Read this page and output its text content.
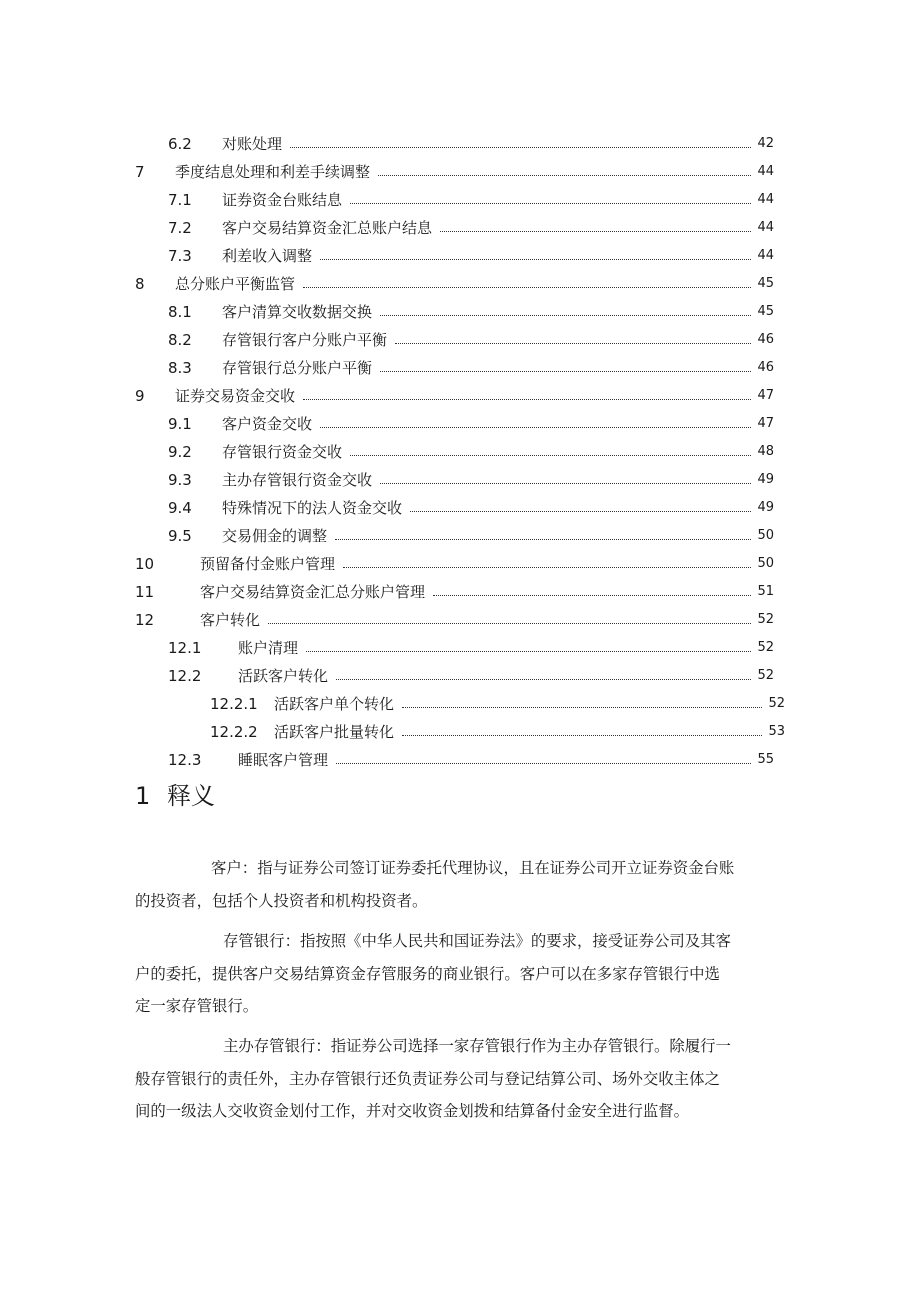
6.2	对账处理	42
7	季度结息处理和利差手续调整	44
7.1	证券资金台账结息	44
7.2	客户交易结算资金汇总账户结息	44
7.3	利差收入调整	44
8	总分账户平衡监管	45
8.1	客户清算交收数据交换	45
8.2	存管银行客户分账户平衡	46
8.3	存管银行总分账户平衡	46
9	证券交易资金交收	47
9.1	客户资金交收	47
9.2	存管银行资金交收	48
9.3	主办存管银行资金交收	49
9.4	特殊情况下的法人资金交收	49
9.5	交易佣金的调整	50
10	预留备付金账户管理	50
11	客户交易结算资金汇总分账户管理	51
12	客户转化	52
12.1	账户清理	52
12.2	活跃客户转化	52
12.2.1	活跃客户单个转化	52
12.2.2	活跃客户批量转化	53
12.3	睡眠客户管理	55
1 释义

客户：指与证券公司签订证券委托代理协议，且在证券公司开立证券资金台账的投资者，包括个人投资者和机构投资者。

存管银行：指按照《中华人民共和国证券法》的要求，接受证券公司及其客户的委托，提供客户交易结算资金存管服务的商业银行。客户可以在多家存管银行中选定一家存管银行。

主办存管银行：指证券公司选择一家存管银行作为主办存管银行。除履行一般存管银行的责任外，主办存管银行还负责证券公司与登记结算公司、场外交收主体之间的一级法人交收资金划付工作，并对交收资金划拨和结算备付金安全进行监督。
